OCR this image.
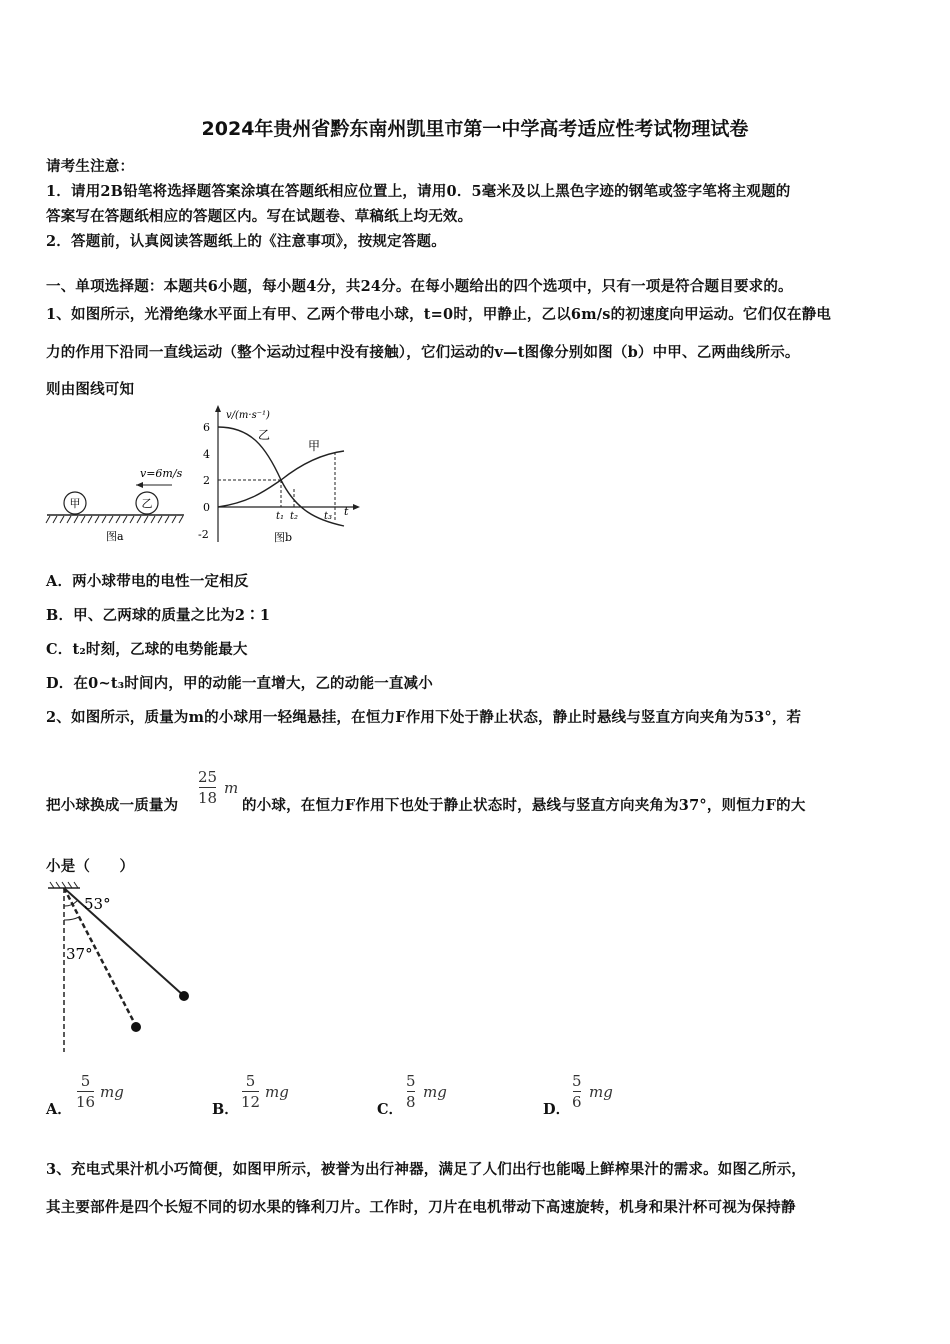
2024年贵州省黔东南州凯里市第一中学高考适应性考试物理试卷
请考生注意：
1．请用2B铅笔将选择题答案涂填在答题纸相应位置上，请用0．5毫米及以上黑色字迹的钢笔或签字笔将主观题的
答案写在答题纸相应的答题区内。写在试题卷、草稿纸上均无效。
2．答题前，认真阅读答题纸上的《注意事项》，按规定答题。
一、单项选择题：本题共6小题，每小题4分，共24分。在每小题给出的四个选项中，只有一项是符合题目要求的。
1、如图所示，光滑绝缘水平面上有甲、乙两个带电小球，t=0时，甲静止，乙以6m/s的初速度向甲运动。它们仅在静电
力的作用下沿同一直线运动（整个运动过程中没有接触），它们运动的v—t图像分别如图（b）中甲、乙两曲线所示。
则由图线可知
甲	乙
v=6m/s
图a
v/(m·s⁻¹)
6
4
2
0
-2
乙
甲
t₁ t₂	t₃ t
图b
A．两小球带电的电性一定相反
B．甲、乙两球的质量之比为2∶1
C．t₂时刻，乙球的电势能最大
D．在0~t₃时间内，甲的动能一直增大，乙的动能一直减小
2、如图所示，质量为m的小球用一轻绳悬挂，在恒力F作用下处于静止状态，静止时悬线与竖直方向夹角为53°，若
把小球换成一质量为
25
18
m
的小球，在恒力F作用下也处于静止状态时，悬线与竖直方向夹角为37°，则恒力F的大
小是（　　）
53°
37°
A．
5
16
mg
B．
5
12
mg
C．
5
8
mg
D．
5
6
mg
3、充电式果汁机小巧简便，如图甲所示，被誉为出行神器，满足了人们出行也能喝上鲜榨果汁的需求。如图乙所示，
其主要部件是四个长短不同的切水果的锋利刀片。工作时，刀片在电机带动下高速旋转，机身和果汁杯可视为保持静
